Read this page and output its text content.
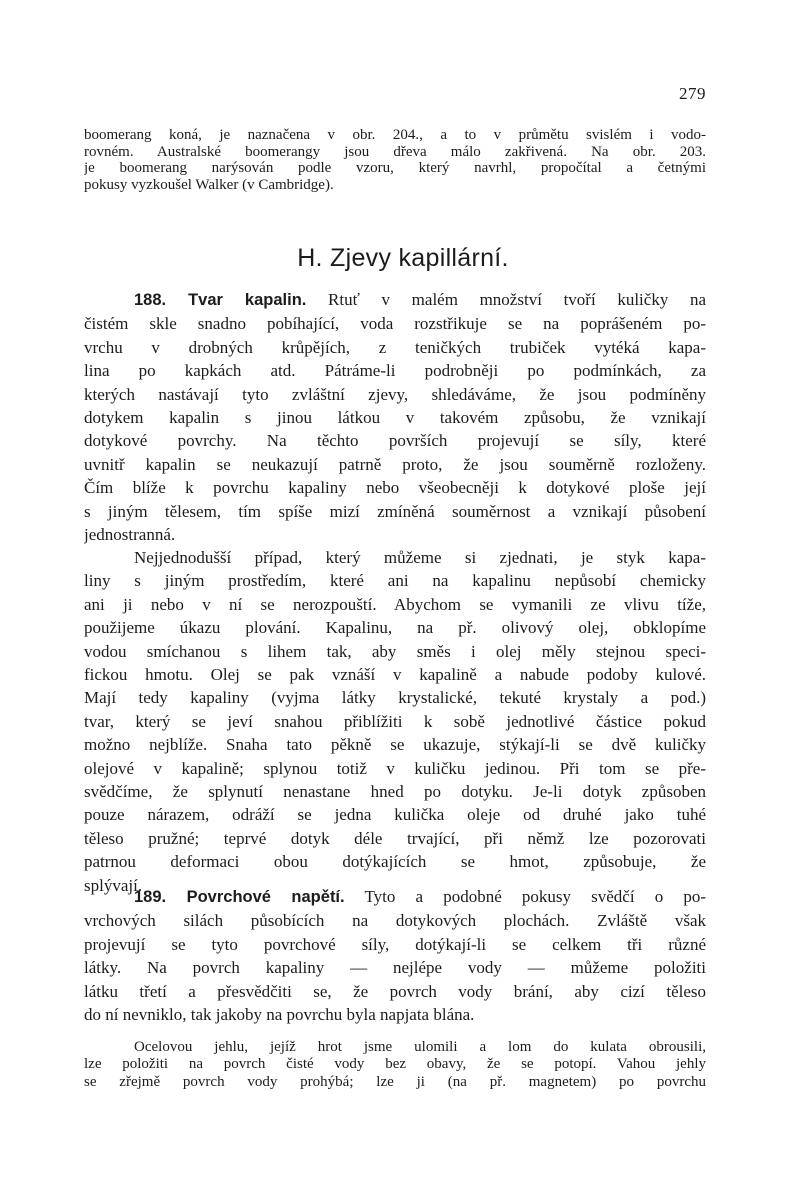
279
boomerang koná, je naznačena v obr. 204., a to v průmětu svislém i vodo-
rovném. Australské boomerangy jsou dřeva málo zakřivená. Na obr. 203.
je boomerang narýsován podle vzoru, který navrhl, propočítal a četnými
pokusy vyzkoušel Walker (v Cambridge).
H. Zjevy kapillární.
188. Tvar kapalin. Rtuť v malém množství tvoří kuličky na
čistém skle snadno pobíhající, voda rozstřikuje se na poprášeném po-
vrchu v drobných krůpějích, z teničkých trubiček vytéká kapa-
lina po kapkách atd. Pátráme-li podrobněji po podmínkách, za
kterých nastávají tyto zvláštní zjevy, shledáváme, že jsou podmíněny
dotykem kapalin s jinou látkou v takovém způsobu, že vznikají
dotykové povrchy. Na těchto površích projevují se síly, které
uvnitř kapalin se neukazují patrně proto, že jsou souměrně rozloženy.
Čím blíže k povrchu kapaliny nebo všeobecněji k dotykové ploše její
s jiným tělesem, tím spíše mizí zmíněná souměrnost a vznikají působení
jednostranná.
Nejjednodušší případ, který můžeme si zjednati, je styk kapa-
liny s jiným prostředím, které ani na kapalinu nepůsobí chemicky
ani ji nebo v ní se nerozpouští. Abychom se vymanili ze vlivu tíže,
použijeme úkazu plování. Kapalinu, na př. olivový olej, obklopíme
vodou smíchanou s lihem tak, aby směs i olej měly stejnou speci-
fickou hmotu. Olej se pak vznáší v kapalině a nabude podoby kulové.
Mají tedy kapaliny (vyjma látky krystalické, tekuté krystaly a pod.)
tvar, který se jeví snahou přiblížiti k sobě jednotlivé částice pokud
možno nejblíže. Snaha tato pěkně se ukazuje, stýkají-li se dvě kuličky
olejové v kapalině; splynou totiž v kuličku jedinou. Při tom se pře-
svědčíme, že splynutí nenastane hned po dotyku. Je-li dotyk způsoben
pouze nárazem, odráží se jedna kulička oleje od druhé jako tuhé
těleso pružné; teprvé dotyk déle trvající, při němž lze pozorovati
patrnou deformaci obou dotýkajících se hmot, způsobuje, že
splývají.
189. Povrchové napětí. Tyto a podobné pokusy svědčí o po-
vrchových silách působících na dotykových plochách. Zvláště však
projevují se tyto povrchové síly, dotýkají-li se celkem tři různé
látky. Na povrch kapaliny — nejlépe vody — můžeme položiti
látku třetí a přesvědčiti se, že povrch vody brání, aby cizí těleso
do ní nevniklo, tak jakoby na povrchu byla napjata blána.
Ocelovou jehlu, jejíž hrot jsme ulomili a lom do kulata obrousili,
lze položiti na povrch čisté vody bez obavy, že se potopí. Vahou jehly
se zřejmě povrch vody prohýbá; lze ji (na př. magnetem) po povrchu
